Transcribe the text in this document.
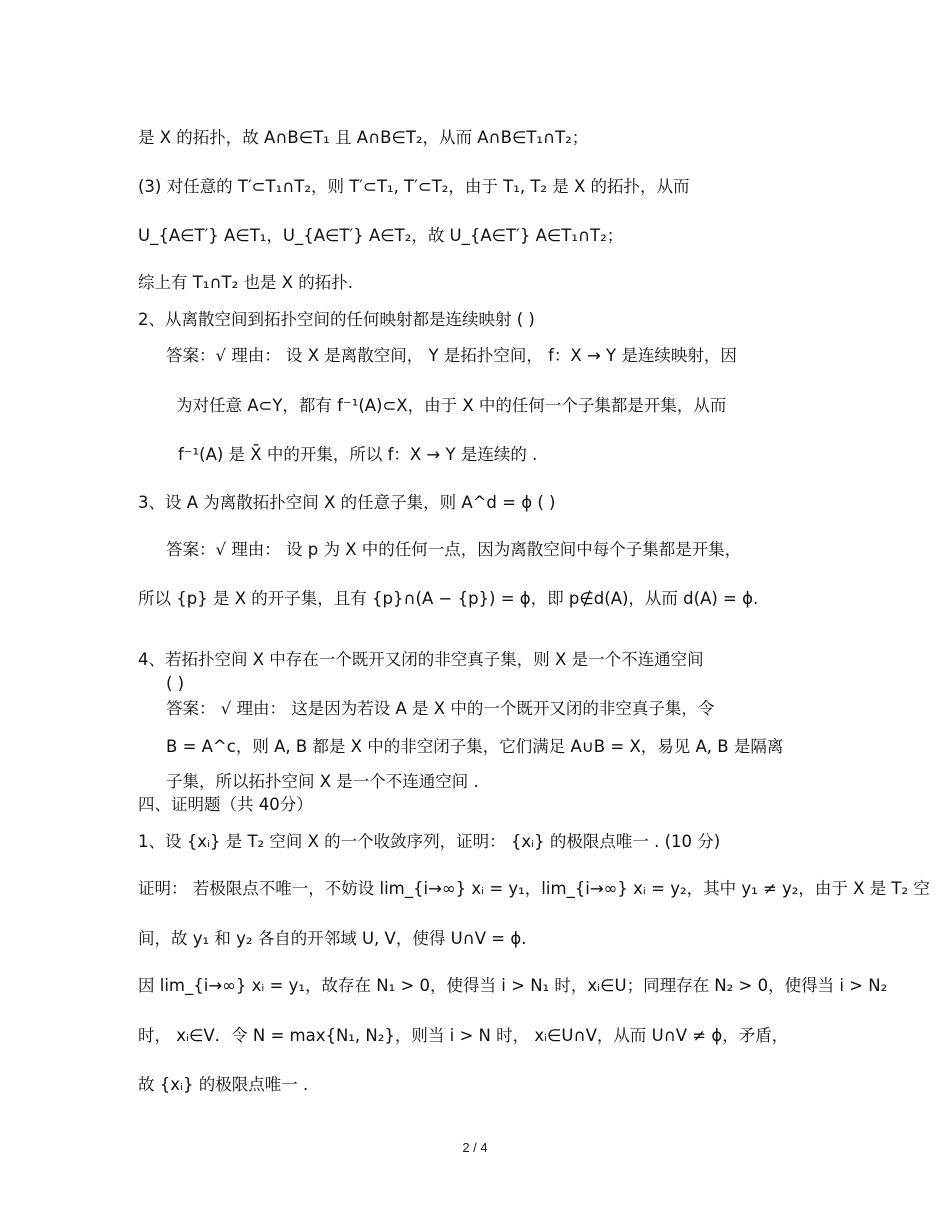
是 X 的拓扑，故 A∩B∈T₁ 且 A∩B∈T₂，从而 A∩B∈T₁∩T₂；
(3) 对任意的 T′⊂T₁∩T₂，则 T′⊂T₁, T′⊂T₂，由于 T₁, T₂ 是 X 的拓扑，从而
U_{A∈T′} A∈T₁，U_{A∈T′} A∈T₂，故 U_{A∈T′} A∈T₁∩T₂；
综上有 T₁∩T₂ 也是 X 的拓扑.
2、从离散空间到拓扑空间的任何映射都是连续映射 ( )
答案：√ 理由： 设 X 是离散空间， Y 是拓扑空间， f：X → Y 是连续映射，因
为对任意 A⊂Y，都有 f⁻¹(A)⊂X，由于 X 中的任何一个子集都是开集，从而
f⁻¹(A) 是 X̄ 中的开集，所以 f：X → Y 是连续的 .
3、设 A 为离散拓扑空间 X 的任意子集，则 A^d = ϕ ( )
答案：√ 理由： 设 p 为 X 中的任何一点，因为离散空间中每个子集都是开集，
所以 {p} 是 X 的开子集，且有 {p}∩(A − {p}) = ϕ，即 p∉d(A)，从而 d(A) = ϕ.
4、若拓扑空间 X 中存在一个既开又闭的非空真子集，则 X 是一个不连通空间
( )
答案： √ 理由： 这是因为若设 A 是 X 中的一个既开又闭的非空真子集，令
B = A^c，则 A, B 都是 X 中的非空闭子集，它们满足 A∪B = X，易见 A, B 是隔离
子集，所以拓扑空间 X 是一个不连通空间 .
四、证明题（共 40分）
1、设 {xᵢ} 是 T₂ 空间 X 的一个收敛序列，证明： {xᵢ} 的极限点唯一 . (10 分)
证明： 若极限点不唯一，不妨设 lim_{i→∞} xᵢ = y₁，lim_{i→∞} xᵢ = y₂，其中 y₁ ≠ y₂，由于 X 是 T₂ 空
间，故 y₁ 和 y₂ 各自的开邻域 U, V，使得 U∩V = ϕ.
因 lim_{i→∞} xᵢ = y₁，故存在 N₁ > 0，使得当 i > N₁ 时，xᵢ∈U；同理存在 N₂ > 0，使得当 i > N₂
时， xᵢ∈V．令 N = max{N₁, N₂}，则当 i > N 时， xᵢ∈U∩V，从而 U∩V ≠ ϕ，矛盾，
故 {xᵢ} 的极限点唯一 .
2 / 4
